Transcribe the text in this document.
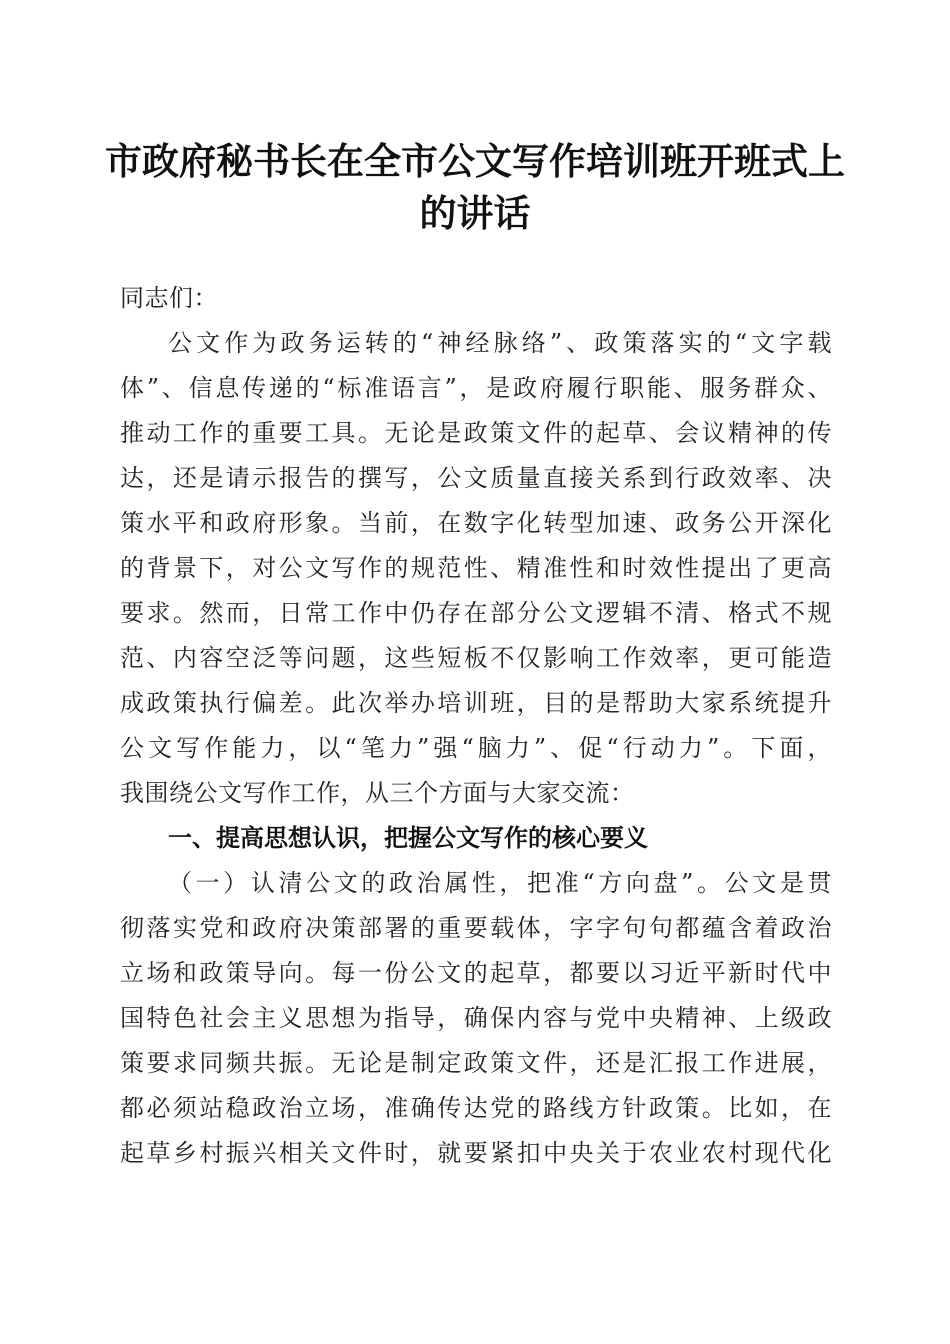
市政府秘书长在全市公文写作培训班开班式上
的讲话
同志们：
公文作为政务运转的“神经脉络”、政策落实的“文字载
体”、信息传递的“标准语言”，是政府履行职能、服务群众、
推动工作的重要工具。无论是政策文件的起草、会议精神的传
达，还是请示报告的撰写，公文质量直接关系到行政效率、决
策水平和政府形象。当前，在数字化转型加速、政务公开深化
的背景下，对公文写作的规范性、精准性和时效性提出了更高
要求。然而，日常工作中仍存在部分公文逻辑不清、格式不规
范、内容空泛等问题，这些短板不仅影响工作效率，更可能造
成政策执行偏差。此次举办培训班，目的是帮助大家系统提升
公文写作能力，以“笔力”强“脑力”、促“行动力”。下面，
我围绕公文写作工作，从三个方面与大家交流：
一、提高思想认识，把握公文写作的核心要义
（一）认清公文的政治属性，把准“方向盘”。公文是贯
彻落实党和政府决策部署的重要载体，字字句句都蕴含着政治
立场和政策导向。每一份公文的起草，都要以习近平新时代中
国特色社会主义思想为指导，确保内容与党中央精神、上级政
策要求同频共振。无论是制定政策文件，还是汇报工作进展，
都必须站稳政治立场，准确传达党的路线方针政策。比如，在
起草乡村振兴相关文件时，就要紧扣中央关于农业农村现代化
